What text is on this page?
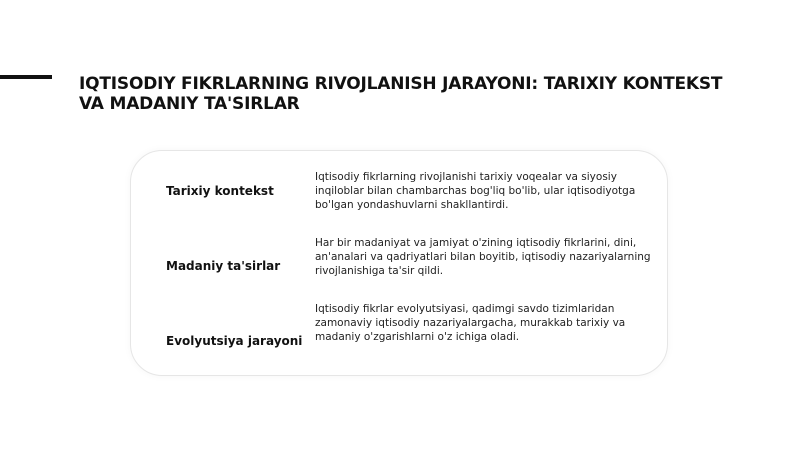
IQTISODIY FIKRLARNING RIVOJLANISH JARAYONI: TARIXIY KONTEKST VA MADANIY TA'SIRLAR

Tarixiy kontekst

Iqtisodiy fikrlarning rivojlanishi tarixiy voqealar va siyosiy inqiloblar bilan chambarchas bog'liq bo'lib, ular iqtisodiyotga bo'lgan yondashuvlarni shakllantirdi.

Madaniy ta'sirlar

Har bir madaniyat va jamiyat o'zining iqtisodiy fikrlarini, dini, an'analari va qadriyatlari bilan boyitib, iqtisodiy nazariyalarning rivojlanishiga ta'sir qildi.

Evolyutsiya jarayoni

Iqtisodiy fikrlar evolyutsiyasi, qadimgi savdo tizimlaridan zamonaviy iqtisodiy nazariyalargacha, murakkab tarixiy va madaniy o'zgarishlarni o'z ichiga oladi.
